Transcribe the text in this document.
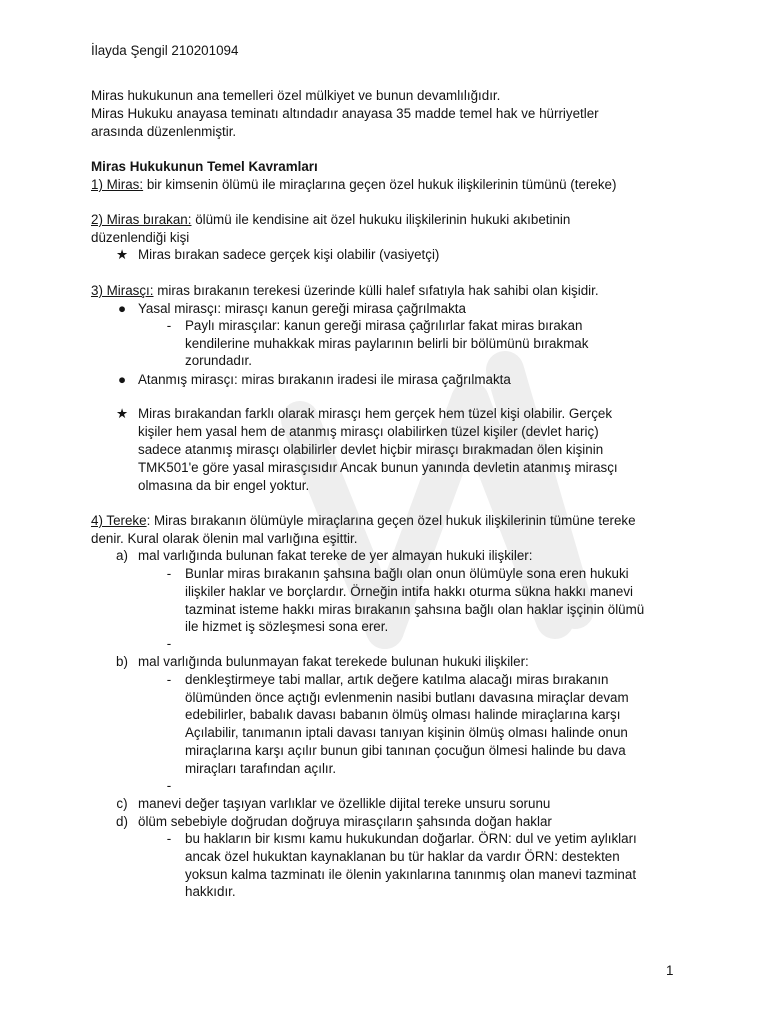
İlayda Şengil 210201094
Miras hukukunun ana temelleri özel mülkiyet ve bunun devamlılığıdır.
Miras Hukuku anayasa teminatı altındadır anayasa 35 madde temel hak ve hürriyetler
arasında düzenlenmiştir.
Miras Hukukunun Temel Kavramları
1) Miras: bir kimsenin ölümü ile miraçlarına geçen özel hukuk ilişkilerinin tümünü (tereke)
2) Miras bırakan: ölümü ile kendisine ait özel hukuku ilişkilerinin hukuki akıbetinin
düzenlendiği kişi
★ Miras bırakan sadece gerçek kişi olabilir (vasiyetçi)
3) Mirasçı: miras bırakanın terekesi üzerinde külli halef sıfatıyla hak sahibi olan kişidir.
● Yasal mirasçı: mirasçı kanun gereği mirasa çağrılmakta
-	Paylı mirasçılar: kanun gereği mirasa çağrılırlar fakat miras bırakan
kendilerine muhakkak miras paylarının belirli bir bölümünü bırakmak
zorundadır.
● Atanmış mirasçı: miras bırakanın iradesi ile mirasa çağrılmakta
★ Miras bırakandan farklı olarak mirasçı hem gerçek hem tüzel kişi olabilir. Gerçek
kişiler hem yasal hem de atanmış mirasçı olabilirken tüzel kişiler (devlet hariç)
sadece atanmış mirasçı olabilirler devlet hiçbir mirasçı bırakmadan ölen kişinin
TMK501'e göre yasal mirasçısıdır Ancak bunun yanında devletin atanmış mirasçı
olmasına da bir engel yoktur.
4) Tereke: Miras bırakanın ölümüyle miraçlarına geçen özel hukuk ilişkilerinin tümüne tereke
denir. Kural olarak ölenin mal varlığına eşittir.
a) mal varlığında bulunan fakat tereke de yer almayan hukuki ilişkiler:
-	Bunlar miras bırakanın şahsına bağlı olan onun ölümüyle sona eren hukuki
ilişkiler haklar ve borçlardır. Örneğin intifa hakkı oturma sükna hakkı manevi
tazminat isteme hakkı miras bırakanın şahsına bağlı olan haklar işçinin ölümü
ile hizmet iş sözleşmesi sona erer.
-
b) mal varlığında bulunmayan fakat terekede bulunan hukuki ilişkiler:
-	denkleştirmeye tabi mallar, artık değere katılma alacağı miras bırakanın
ölümünden önce açtığı evlenmenin nasibi butlanı davasına miraçlar devam
edebilirler, babalık davası babanın ölmüş olması halinde miraçlarına karşı
Açılabilir, tanımanın iptali davası tanıyan kişinin ölmüş olması halinde onun
miraçlarına karşı açılır bunun gibi tanınan çocuğun ölmesi halinde bu dava
miraçları tarafından açılır.
-
c) manevi değer taşıyan varlıklar ve özellikle dijital tereke unsuru sorunu
d) ölüm sebebiyle doğrudan doğruya mirasçıların şahsında doğan haklar
-	bu hakların bir kısmı kamu hukukundan doğarlar. ÖRN: dul ve yetim aylıkları
ancak özel hukuktan kaynaklanan bu tür haklar da vardır ÖRN: destekten
yoksun kalma tazminatı ile ölenin yakınlarına tanınmış olan manevi tazminat
hakkıdır.
1
